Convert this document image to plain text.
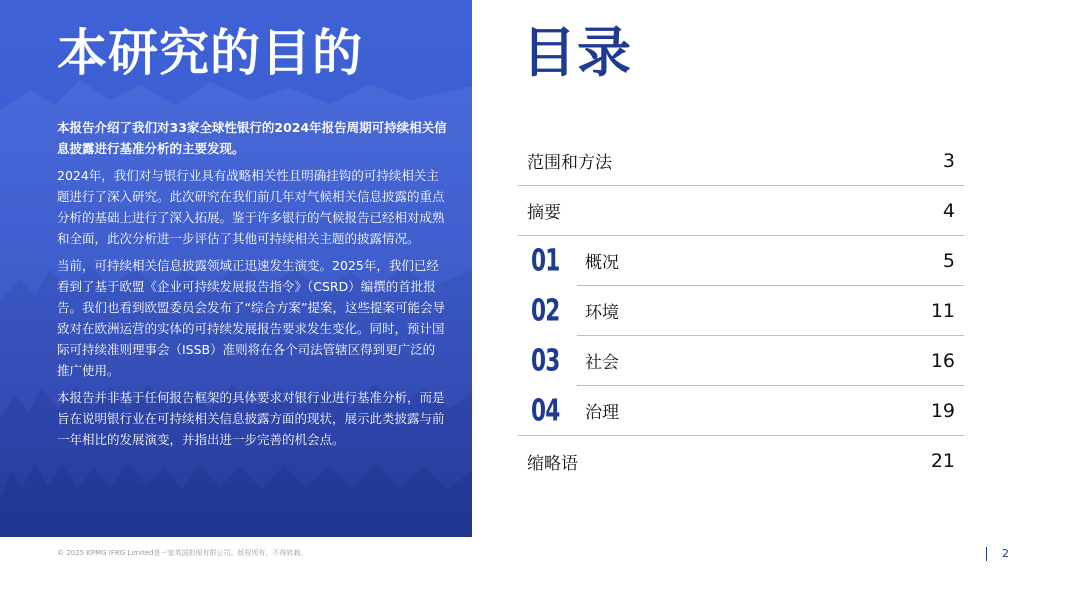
本研究的目的

本报告介绍了我们对33家全球性银行的2024年报告周期可持续相关信息披露进行基准分析的主要发现。

2024年，我们对与银行业具有战略相关性且明确挂钩的可持续相关主题进行了深入研究。此次研究在我们前几年对气候相关信息披露的重点分析的基础上进行了深入拓展。鉴于许多银行的气候报告已经相对成熟和全面，此次分析进一步评估了其他可持续相关主题的披露情况。

当前，可持续相关信息披露领域正迅速发生演变。2025年，我们已经看到了基于欧盟《企业可持续发展报告指令》（CSRD）编撰的首批报告。我们也看到欧盟委员会发布了“综合方案”提案，这些提案可能会导致对在欧洲运营的实体的可持续发展报告要求发生变化。同时，预计国际可持续准则理事会（ISSB）准则将在各个司法管辖区得到更广泛的推广使用。

本报告并非基于任何报告框架的具体要求对银行业进行基准分析，而是旨在说明银行业在可持续相关信息披露方面的现状，展示此类披露与前一年相比的发展演变，并指出进一步完善的机会点。

目录
范围和方法	3
摘要	4
01 概况	5
02 环境	11
03 社会	16
04 治理	19
缩略语	21
© 2025 KPMG IFRG Limited是一家英国担保有限公司。版权所有，不得转载。	2
